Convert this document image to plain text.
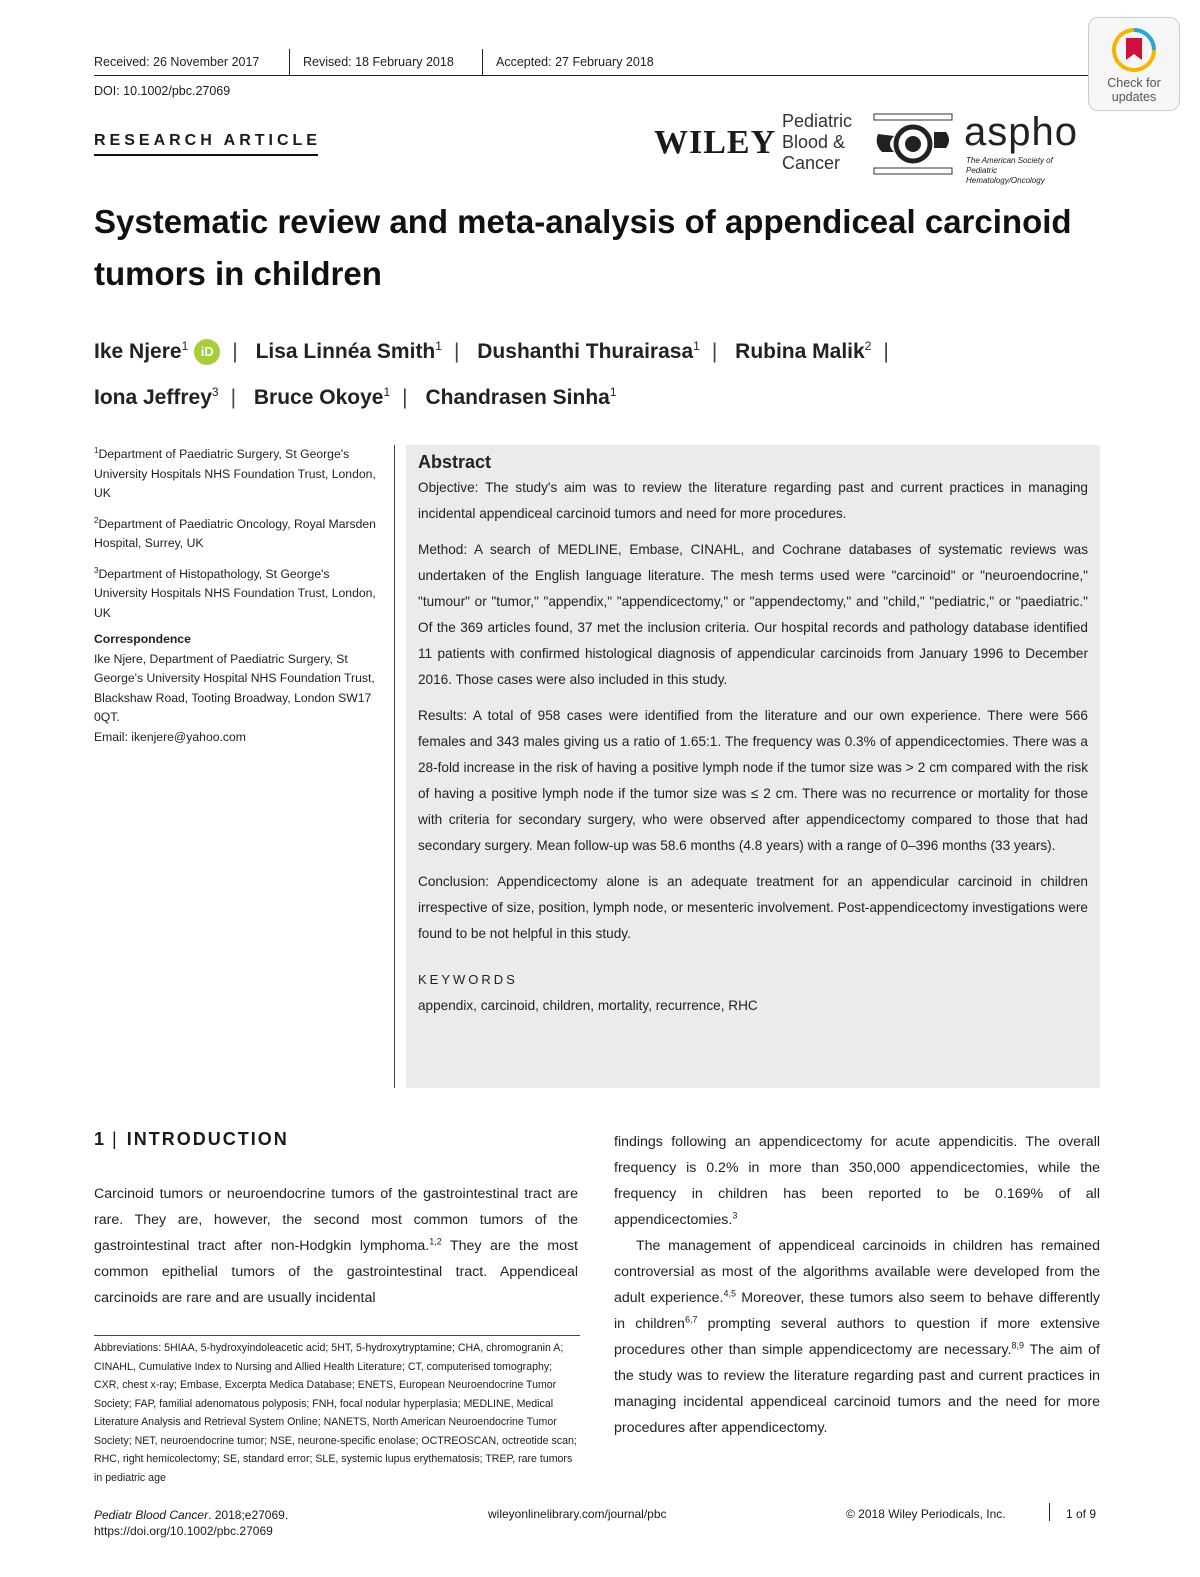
Received: 26 November 2017	Revised: 18 February 2018	Accepted: 27 February 2018
DOI: 10.1002/pbc.27069
RESEARCH ARTICLE	WILEY
Pediatric
Blood &
Cancer
aspho
The American Society of Pediatric Hematology/Oncology
Check for
updates
Systematic review and meta-analysis of appendiceal carcinoid tumors in children
Ike Njere$^1$ iD | Lisa Linnéa Smith$^1$ | Dushanthi Thurairasa$^1$ | Rubina Malik$^2$ |
Iona Jeffrey$^3$ | Bruce Okoye$^1$ | Chandrasen Sinha$^1$

$^1$Department of Paediatric Surgery, St George's University Hospitals NHS Foundation Trust, London, UK

$^2$Department of Paediatric Oncology, Royal Marsden Hospital, Surrey, UK

$^3$Department of Histopathology, St George's University Hospitals NHS Foundation Trust, London, UK

Correspondence
Ike Njere, Department of Paediatric Surgery, St George's University Hospital NHS Foundation Trust, Blackshaw Road, Tooting Broadway, London SW17 0QT.
Email: ikenjere@yahoo.com

Abstract

Objective: The study's aim was to review the literature regarding past and current practices in managing incidental appendiceal carcinoid tumors and need for more procedures.

Method: A search of MEDLINE, Embase, CINAHL, and Cochrane databases of systematic reviews was undertaken of the English language literature. The mesh terms used were "carcinoid" or "neuroendocrine," "tumour" or "tumor," "appendix," "appendicectomy," or "appendectomy," and "child," "pediatric," or "paediatric." Of the 369 articles found, 37 met the inclusion criteria. Our hospital records and pathology database identified 11 patients with confirmed histological diagnosis of appendicular carcinoids from January 1996 to December 2016. Those cases were also included in this study.

Results: A total of 958 cases were identified from the literature and our own experience. There were 566 females and 343 males giving us a ratio of 1.65:1. The frequency was 0.3% of appendicectomies. There was a 28-fold increase in the risk of having a positive lymph node if the tumor size was > 2 cm compared with the risk of having a positive lymph node if the tumor size was ≤ 2 cm. There was no recurrence or mortality for those with criteria for secondary surgery, who were observed after appendicectomy compared to those that had secondary surgery. Mean follow-up was 58.6 months (4.8 years) with a range of 0–396 months (33 years).

Conclusion: Appendicectomy alone is an adequate treatment for an appendicular carcinoid in children irrespective of size, position, lymph node, or mesenteric involvement. Post-appendicectomy investigations were found to be not helpful in this study.

KEYWORDS
appendix, carcinoid, children, mortality, recurrence, RHC
1 | INTRODUCTION
Carcinoid tumors or neuroendocrine tumors of the gastrointestinal tract are rare. They are, however, the second most common tumors of the gastrointestinal tract after non-Hodgkin lymphoma.$^{1,2}$ They are the most common epithelial tumors of the gastrointestinal tract. Appendiceal carcinoids are rare and are usually incidental

findings following an appendicectomy for acute appendicitis. The overall frequency is 0.2% in more than 350,000 appendicectomies, while the frequency in children has been reported to be 0.169% of all appendicectomies.$^3$

The management of appendiceal carcinoids in children has remained controversial as most of the algorithms available were developed from the adult experience.$^{4,5}$ Moreover, these tumors also seem to behave differently in children$^{6,7}$ prompting several authors to question if more extensive procedures other than simple appendicectomy are necessary.$^{8,9}$ The aim of the study was to review the literature regarding past and current practices in managing incidental appendiceal carcinoid tumors and the need for more procedures after appendicectomy.

Abbreviations: 5HIAA, 5-hydroxyindoleacetic acid; 5HT, 5-hydroxytryptamine; CHA, chromogranin A; CINAHL, Cumulative Index to Nursing and Allied Health Literature; CT, computerised tomography; CXR, chest x-ray; Embase, Excerpta Medica Database; ENETS, European Neuroendocrine Tumor Society; FAP, familial adenomatous polyposis; FNH, focal nodular hyperplasia; MEDLINE, Medical Literature Analysis and Retrieval System Online; NANETS, North American Neuroendocrine Tumor Society; NET, neuroendocrine tumor; NSE, neurone-specific enolase; OCTREOSCAN, octreotide scan; RHC, right hemicolectomy; SE, standard error; SLE, systemic lupus erythematosis; TREP, rare tumors in pediatric age
Pediatr Blood Cancer. 2018;e27069.
https://doi.org/10.1002/pbc.27069
wileyonlinelibrary.com/journal/pbc	© 2018 Wiley Periodicals, Inc.	1 of 9
